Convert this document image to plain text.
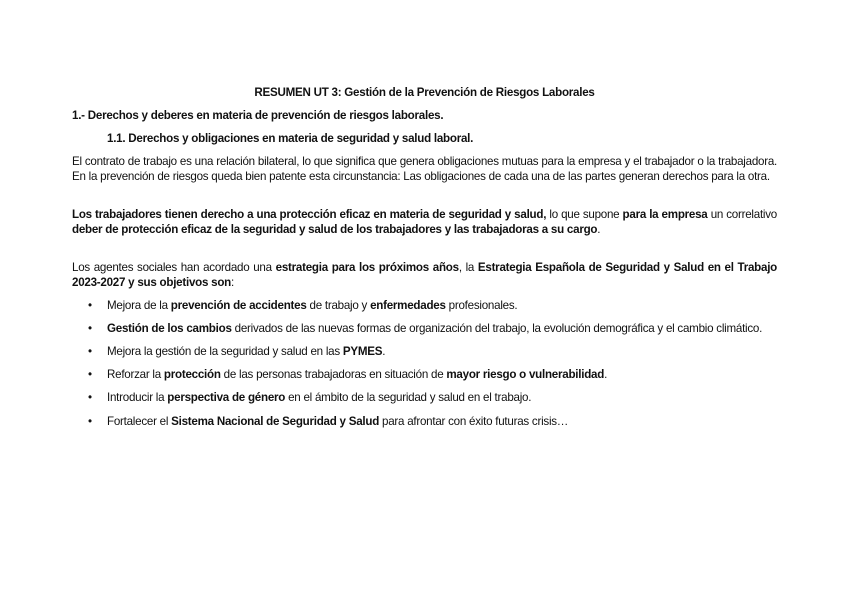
RESUMEN UT 3: Gestión de la Prevención de Riesgos Laborales
1.- Derechos y deberes en materia de prevención de riesgos laborales.
1.1. Derechos y obligaciones en materia de seguridad y salud laboral.

El contrato de trabajo es una relación bilateral, lo que significa que genera obligaciones mutuas para la empresa y el trabajador o la trabajadora. En la prevención de riesgos queda bien patente esta circunstancia: Las obligaciones de cada una de las partes generan derechos para la otra.

Los trabajadores tienen derecho a una protección eficaz en materia de seguridad y salud, lo que supone para la empresa un correlativo deber de protección eficaz de la seguridad y salud de los trabajadores y las trabajadoras a su cargo.

Los agentes sociales han acordado una estrategia para los próximos años, la Estrategia Española de Seguridad y Salud en el Trabajo 2023-2027 y sus objetivos son:

• Mejora de la prevención de accidentes de trabajo y enfermedades profesionales.
• Gestión de los cambios derivados de las nuevas formas de organización del trabajo, la evolución demográfica y el cambio climático.
• Mejora la gestión de la seguridad y salud en las PYMES.
• Reforzar la protección de las personas trabajadoras en situación de mayor riesgo o vulnerabilidad.
• Introducir la perspectiva de género en el ámbito de la seguridad y salud en el trabajo.
• Fortalecer el Sistema Nacional de Seguridad y Salud para afrontar con éxito futuras crisis…
